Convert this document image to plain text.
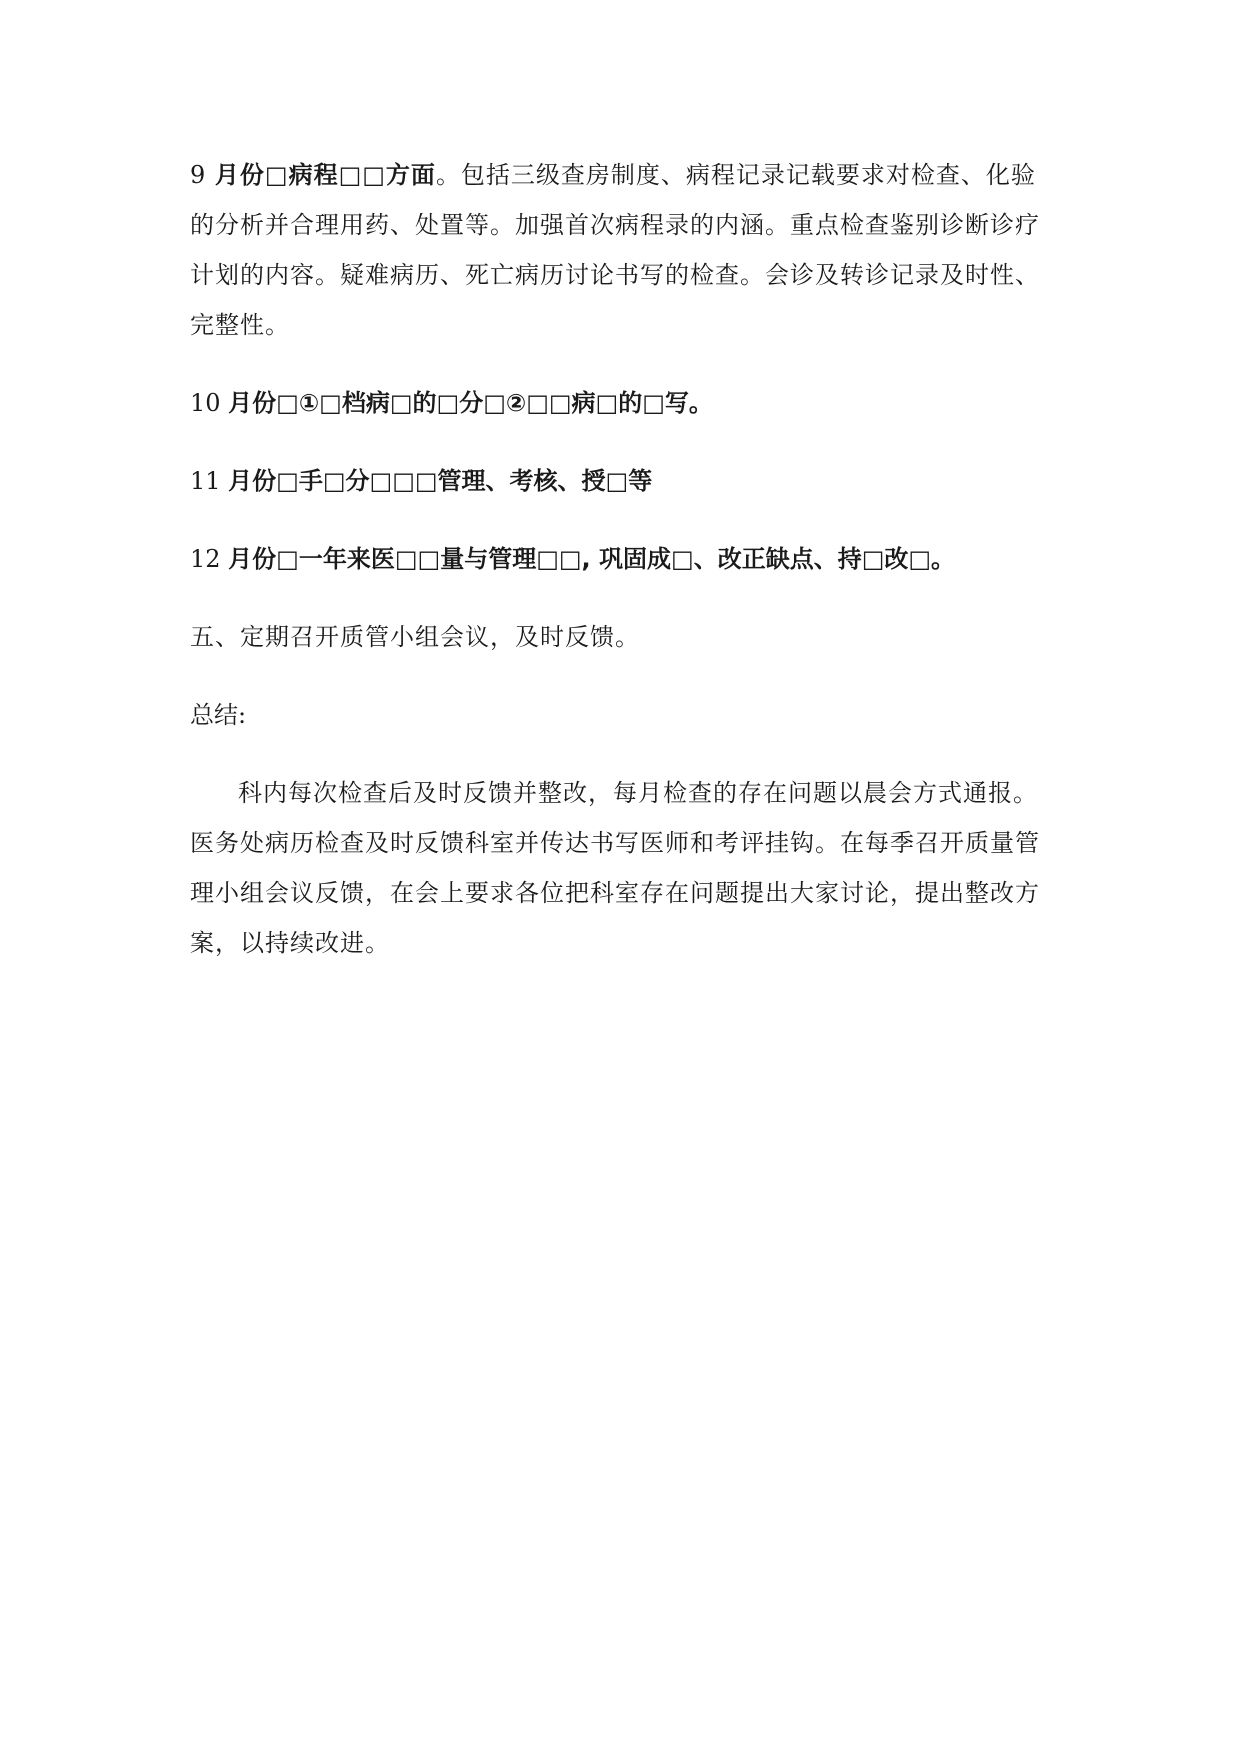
9 月份□病程□□方面。包括三级查房制度、病程记录记载要求对检查、化验的分析并合理用药、处置等。加强首次病程录的内涵。重点检查鉴别诊断诊疗计划的内容。疑难病历、死亡病历讨论书写的检查。会诊及转诊记录及时性、完整性。

10 月份□①□档病□的□分□②□□病□的□写。

11 月份□手□分□□□管理、考核、授□等

12 月份□一年来医□□量与管理□□, 巩固成□、改正缺点、持□改□。

五、定期召开质管小组会议，及时反馈。

总结:

科内每次检查后及时反馈并整改，每月检查的存在问题以晨会方式通报。医务处病历检查及时反馈科室并传达书写医师和考评挂钩。在每季召开质量管理小组会议反馈，在会上要求各位把科室存在问题提出大家讨论，提出整改方案，以持续改进。
